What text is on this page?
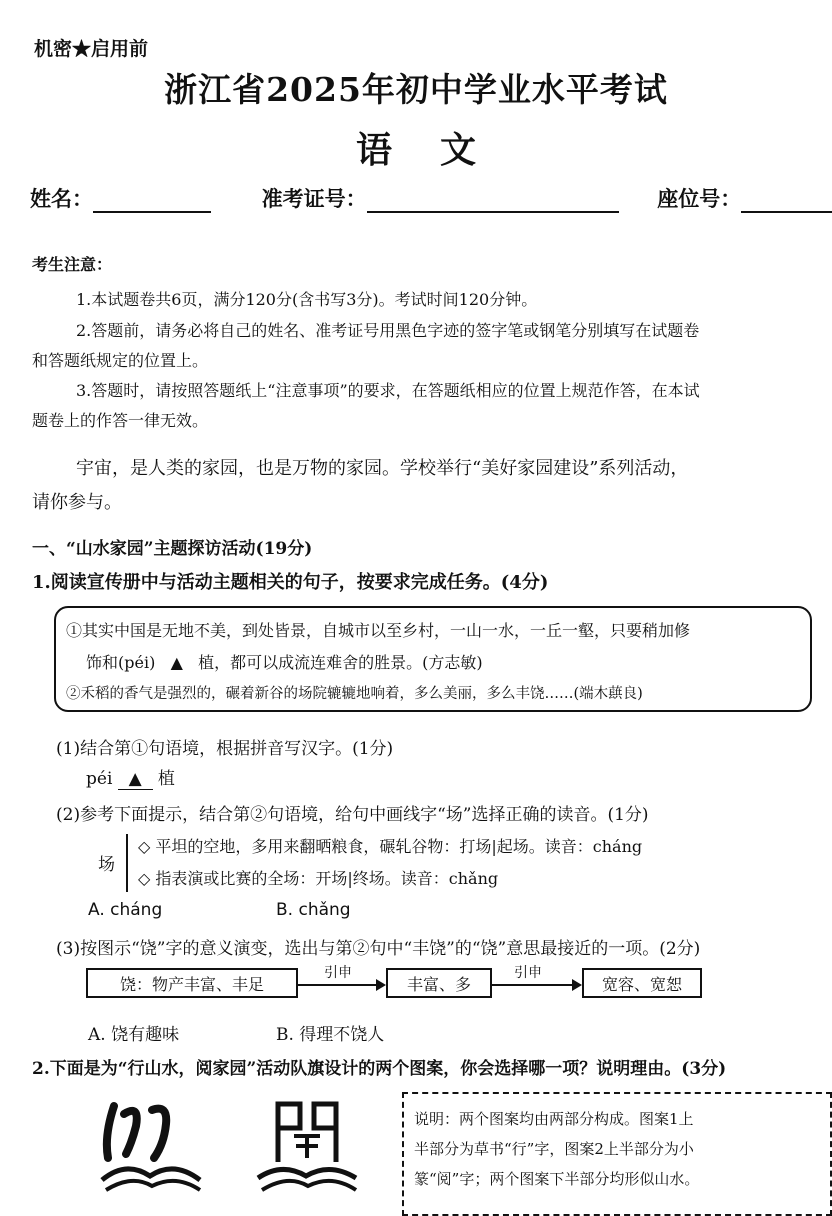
机密★启用前
浙江省2025年初中学业水平考试
语文
姓名：	准考证号：	座位号：
考生注意：
1.本试题卷共6页，满分120分(含书写3分)。考试时间120分钟。
2.答题前，请务必将自己的姓名、准考证号用黑色字迹的签字笔或钢笔分别填写在试题卷
和答题纸规定的位置上。
3.答题时，请按照答题纸上“注意事项”的要求，在答题纸相应的位置上规范作答，在本试
题卷上的作答一律无效。
宇宙，是人类的家园，也是万物的家园。学校举行“美好家园建设”系列活动，
请你参与。
一、“山水家园”主题探访活动(19分)
1.阅读宣传册中与活动主题相关的句子，按要求完成任务。(4分)
①其实中国是无地不美，到处皆景，自城市以至乡村，一山一水，一丘一壑，只要稍加修
饰和(péi)   ▲   植，都可以成流连难舍的胜景。(方志敏)
②禾稻的香气是强烈的，碾着新谷的场院辘辘地响着，多么美丽，多么丰饶……(端木蕻良)
(1)结合第①句语境，根据拼音写汉字。(1分)
péi   ▲   植
(2)参考下面提示，结合第②句语境，给句中画线字“场”选择正确的读音。(1分)
场
◇ 平坦的空地，多用来翻晒粮食，碾轧谷物：打场|起场。读音：cháng
◇ 指表演或比赛的全场：开场|终场。读音：chǎng
A. cháng	B. chǎng
(3)按图示“饶”字的意义演变，选出与第②句中“丰饶”的“饶”意思最接近的一项。(2分)
饶：物产丰富、丰足
引申
丰富、多
引申
宽容、宽恕
A. 饶有趣味	B. 得理不饶人
2.下面是为“行山水，阅家园”活动队旗设计的两个图案，你会选择哪一项？说明理由。(3分)
说明：两个图案均由两部分构成。图案1上
半部分为草书“行”字，图案2上半部分为小
篆“阅”字；两个图案下半部分均形似山水。
